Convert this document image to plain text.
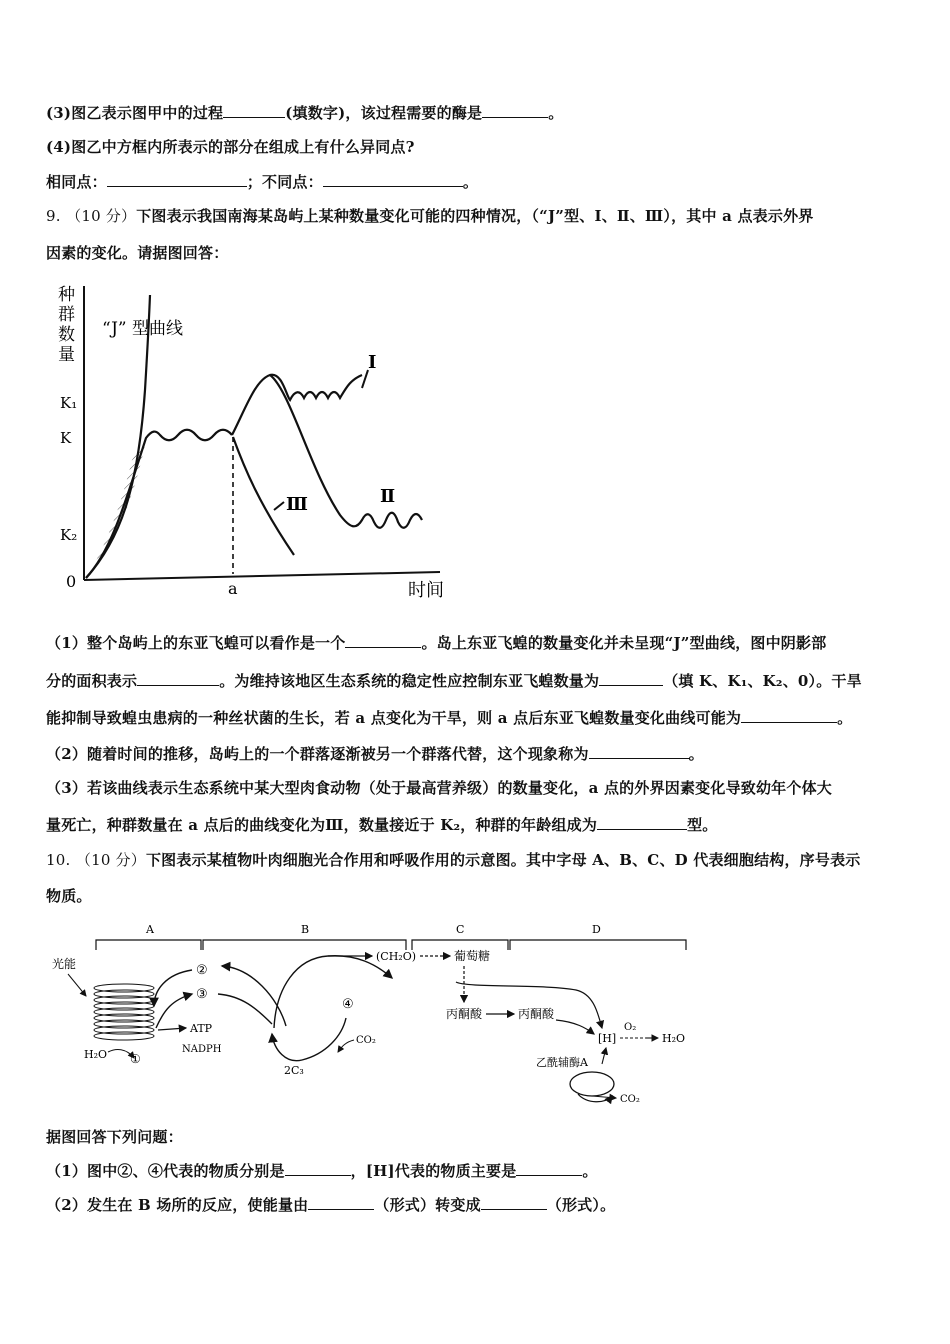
(3)图乙表示图甲中的过程	(填数字)，该过程需要的酶是	。
(4)图乙中方框内所表示的部分在组成上有什么异同点?
相同点：	；不同点：	。
9. （10 分）下图表示我国南海某岛屿上某种数量变化可能的四种情况，（“J”型、Ⅰ、Ⅱ、Ⅲ），其中 a 点表示外界
因素的变化。请据图回答：
种 群 数 量
K₁
K
K₂
0	a	时间
“J” 型曲线
Ⅰ
Ⅱ
Ⅲ
（1）整个岛屿上的东亚飞蝗可以看作是一个	。岛上东亚飞蝗的数量变化并未呈现“J”型曲线，图中阴影部
分的面积表示	。为维持该地区生态系统的稳定性应控制东亚飞蝗数量为	（填 K、K₁、K₂、0）。干旱
能抑制导致蝗虫患病的一种丝状菌的生长，若 a 点变化为干旱，则 a 点后东亚飞蝗数量变化曲线可能为	。
（2）随着时间的推移，岛屿上的一个群落逐渐被另一个群落代替，这个现象称为	。
（3）若该曲线表示生态系统中某大型肉食动物（处于最高营养级）的数量变化，a 点的外界因素变化导致幼年个体大
量死亡，种群数量在 a 点后的曲线变化为Ⅲ，数量接近于 K₂，种群的年龄组成为	型。
10. （10 分）下图表示某植物叶肉细胞光合作用和呼吸作用的示意图。其中字母 A、B、C、D 代表细胞结构，序号表示
物质。
A	B	C	D
光能
H₂O ①
②
③
ATP
NADPH
(CH₂O)
④
2C₃
CO₂
葡萄糖
丙酮酸	丙酮酸
[H]
O₂
H₂O
乙酰辅酶A
CO₂
据图回答下列问题：
（1）图中②、④代表的物质分别是	，[H]代表的物质主要是	。
（2）发生在 B 场所的反应，使能量由	（形式）转变成	（形式）。
